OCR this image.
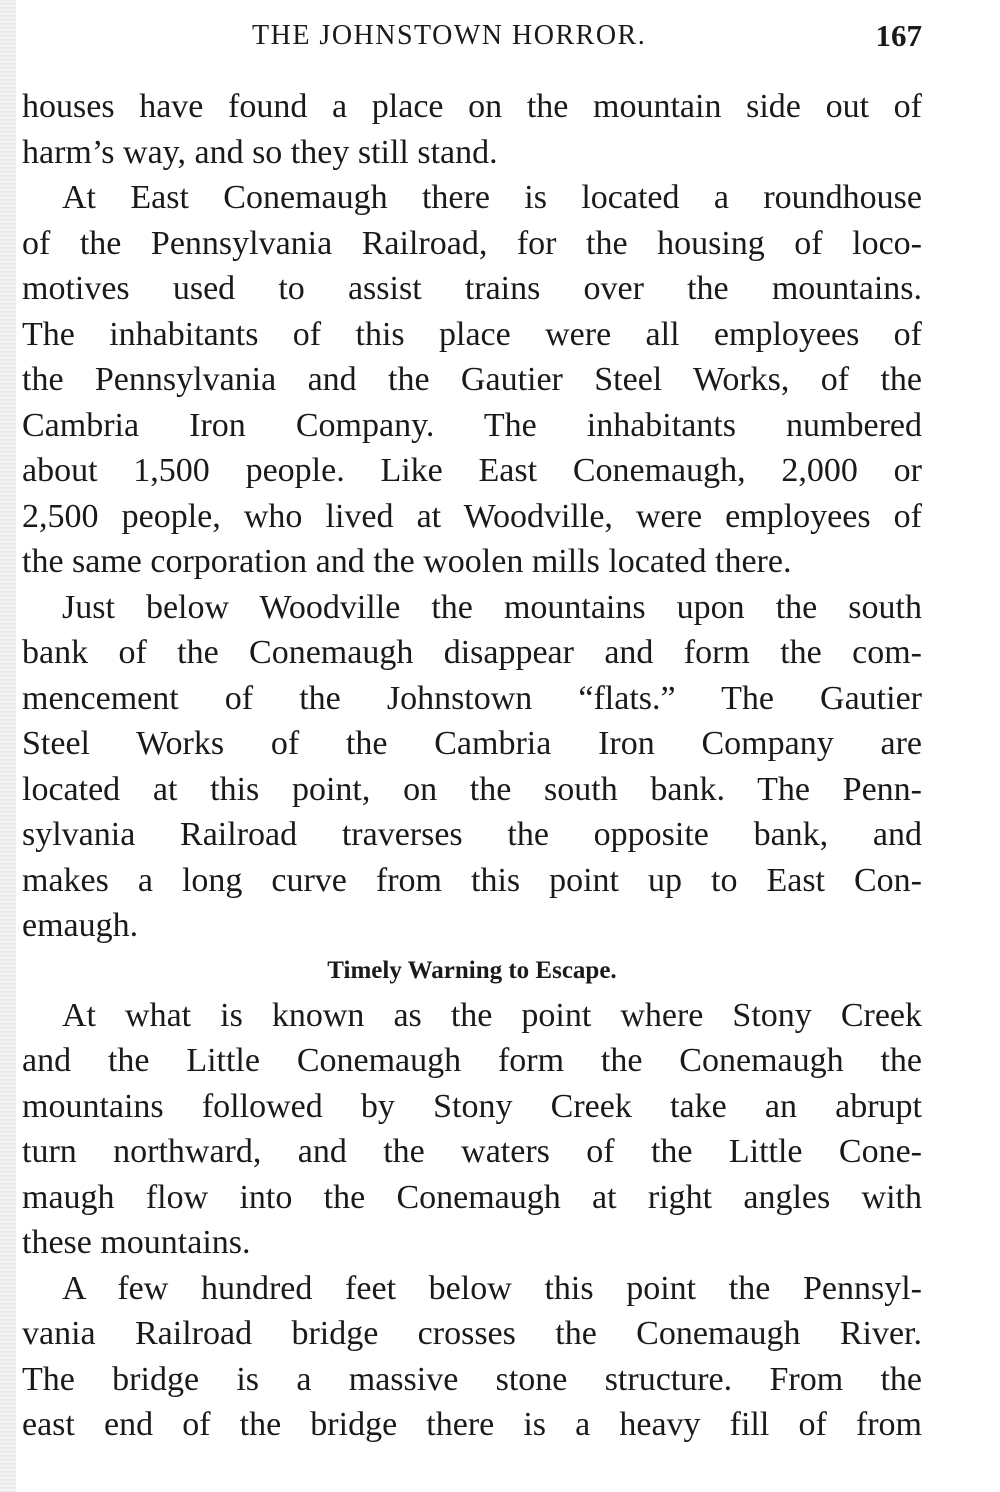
THE JOHNSTOWN HORROR.	167
houses have found a place on the mountain side out of
harm’s way, and so they still stand.
At East Conemaugh there is located a roundhouse
of the Pennsylvania Railroad, for the housing of loco-
motives used to assist trains over the mountains.
The inhabitants of this place were all employees of
the Pennsylvania and the Gautier Steel Works, of the
Cambria Iron Company. The inhabitants numbered
about 1,500 people. Like East Conemaugh, 2,000 or
2,500 people, who lived at Woodville, were employees of
the same corporation and the woolen mills located there.
Just below Woodville the mountains upon the south
bank of the Conemaugh disappear and form the com-
mencement of the Johnstown “flats.” The Gautier
Steel Works of the Cambria Iron Company are
located at this point, on the south bank. The Penn-
sylvania Railroad traverses the opposite bank, and
makes a long curve from this point up to East Con-
emaugh.
Timely Warning to Escape.
At what is known as the point where Stony Creek
and the Little Conemaugh form the Conemaugh the
mountains followed by Stony Creek take an abrupt
turn northward, and the waters of the Little Cone-
maugh flow into the Conemaugh at right angles with
these mountains.
A few hundred feet below this point the Pennsyl-
vania Railroad bridge crosses the Conemaugh River.
The bridge is a massive stone structure. From the
east end of the bridge there is a heavy fill of from
